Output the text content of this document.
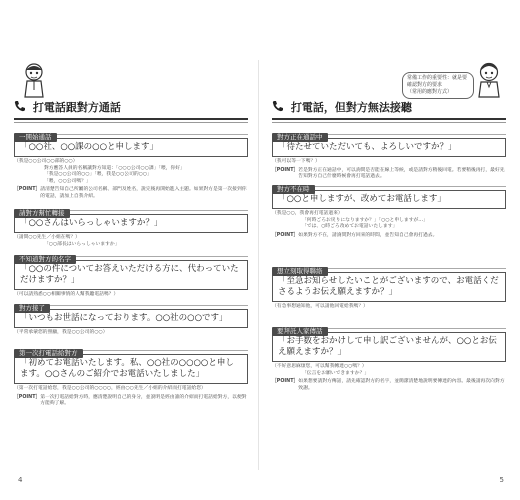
打電話跟對方通話
一開始通話
「○○社、○○課の○○と申します」
（我是○○公司○○部的○○）
對方應答人員的名稱讓對方知道：「○○○公司○○課」「喂，你好」
「我是○○公司的○○」「喂，我是○○公司的○○」
「喂，○○公司嗎？」
［POINT］ 請清楚告知自己所屬的公司名稱、部門及姓名，說完後再開始進入主題。如果對方是第一次接到你的電話，請加上自我介紹。
請對方幫忙轉接
「○○さんはいらっしゃいますか？」
（請問○○先生／小姐在嗎？）
「○○部長はいらっしゃいますか」
不知道對方的名字
「○○の件についてお答えいただける方に、代わっていただけますか？」
（可以請熟悉○○相關事情的人幫我聽電話嗎？）
對方接了
「いつもお世話になっております。○○社の○○です」
（平常承蒙您的照顧，我是○○公司的○○）
第一次打電話給對方
「初めてお電話いたします。私、○○社の○○○○と申します。○○さんのご紹介でお電話いたしました」
（第一次打電話給您，我是○○公司的○○○○，經由○○先生／小姐的介紹而打電話給您）
［POINT］ 第一次打電話給對方時，應清楚說明自己的身分，並說明是經由誰的介紹而打電話給對方，以便對方能夠了解。
4
常備工作的重要性：就是要
確認對方的要求
（常用的應對方式）
打電話，但對方無法接聽
對方正在通話中
「待たせていただいても、よろしいですか？」
（我可以等一下嗎？）
［POINT］ 若是對方正在通話中，可以詢問是否能在線上等候，或是請對方稍後回電。若要稍後再打，最好先告知對方自己什麼時候會再打電話過去。
對方不在時
「○○と申しますが、改めてお電話します」
（我是○○，我會再打電話過來）
「何時ごろお戻りになりますか？」「○○と申しますが…」
「では、○時ごろ改めてお電話いたします」
［POINT］ 如果對方不在，請詢問對方回來的時間，並告知自己會再打過去。
想立刻取得聯絡
「至急お知らせしたいことがございますので、お電話くださるようお伝え願えますか？」
（有急事想通知他，可以請他回電給我嗎？）
要拜託人家傳話
「お手数をおかけして申し訳ございませんが、○○とお伝え願えますか？」
（不好意思麻煩您，可以幫我轉達○○嗎？）
「伝言をお願いできますか？」
［POINT］ 如果想要請對方傳話，請先確認對方的名字，並簡潔清楚地說明要傳達的內容。最後請再次向對方致謝。
5
